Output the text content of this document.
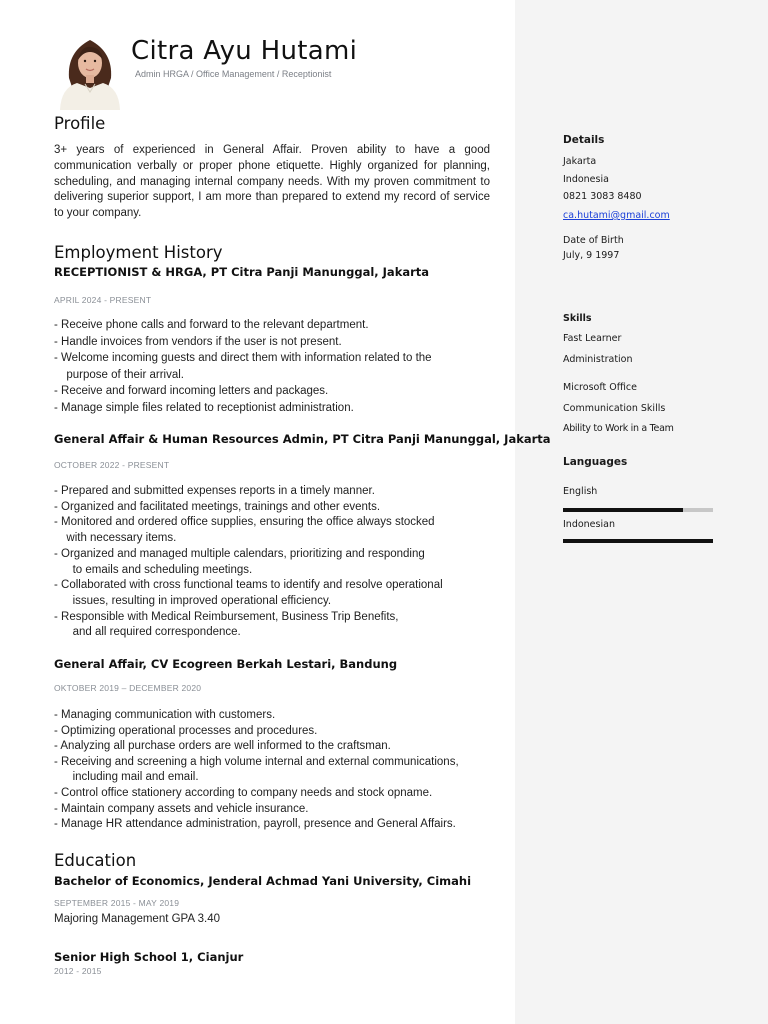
Citra Ayu Hutami
Admin HRGA / Office Management / Receptionist
Profile
3+ years of experienced in General Affair. Proven ability to have a good communication verbally or proper phone etiquette. Highly organized for planning, scheduling, and managing internal company needs. With my proven commitment to delivering superior support, I am more than prepared to extend my record of service to your company.
Employment History
RECEPTIONIST & HRGA, PT Citra Panji Manunggal, Jakarta
APRIL 2024 - PRESENT
- Receive phone calls and forward to the relevant department.
- Handle invoices from vendors if the user is not present.
- Welcome incoming guests and direct them with information related to the
purpose of their arrival.
- Receive and forward incoming letters and packages.
- Manage simple files related to receptionist administration.
General Affair & Human Resources Admin, PT Citra Panji Manunggal, Jakarta
OCTOBER 2022 - PRESENT
- Prepared and submitted expenses reports in a timely manner.
- Organized and facilitated meetings, trainings and other events.
- Monitored and ordered office supplies, ensuring the office always stocked
with necessary items.
- Organized and managed multiple calendars, prioritizing and responding
to emails and scheduling meetings.
- Collaborated with cross functional teams to identify and resolve operational
issues, resulting in improved operational efficiency.
- Responsible with Medical Reimbursement, Business Trip Benefits,
and all required correspondence.
General Affair, CV Ecogreen Berkah Lestari, Bandung
OKTOBER 2019 – DECEMBER 2020
- Managing communication with customers.
- Optimizing operational processes and procedures.
- Analyzing all purchase orders are well informed to the craftsman.
- Receiving and screening a high volume internal and external communications,
including mail and email.
- Control office stationery according to company needs and stock opname.
- Maintain company assets and vehicle insurance.
- Manage HR attendance administration, payroll, presence and General Affairs.
Education
Bachelor of Economics, Jenderal Achmad Yani University, Cimahi
SEPTEMBER 2015 - MAY 2019
Majoring Management GPA 3.40
Senior High School 1, Cianjur
2012 - 2015
Details
Jakarta
Indonesia
0821 3083 8480
ca.hutami@gmail.com
Date of Birth
July, 9 1997
Skills
Fast Learner
Administration
Microsoft Office
Communication Skills
Ability to Work in a Team
Languages
English
Indonesian
